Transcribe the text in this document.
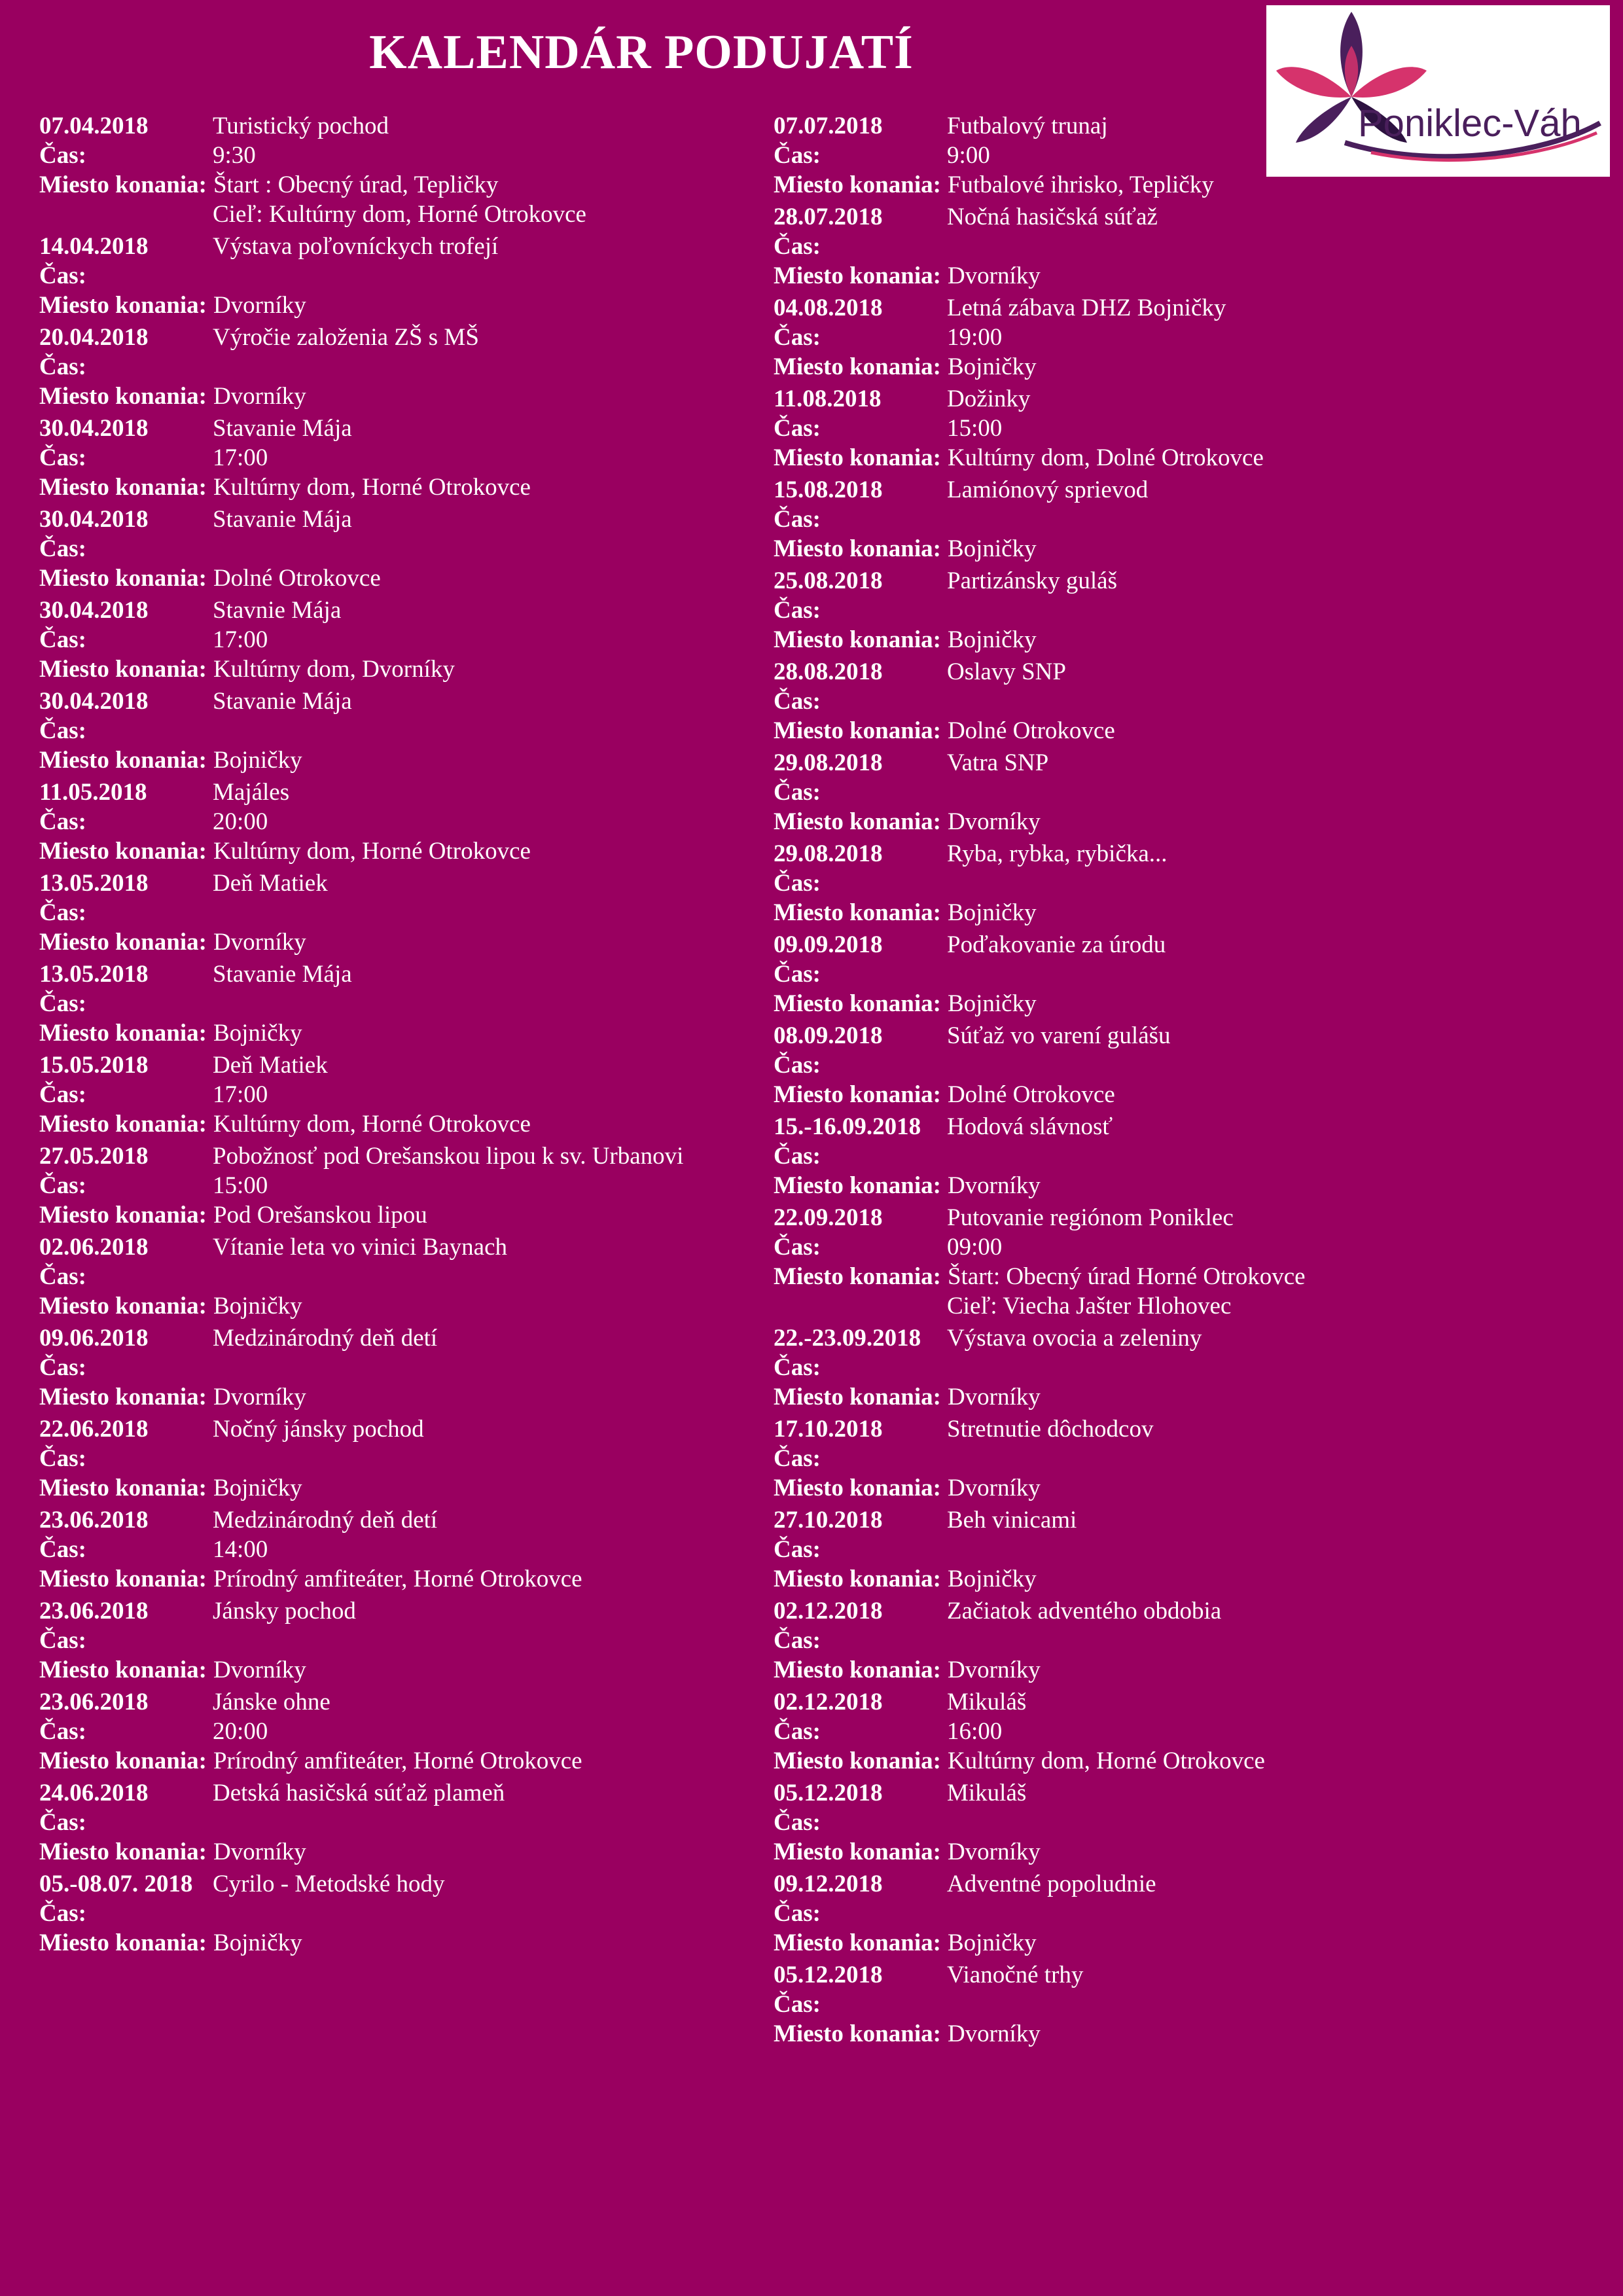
KALENDÁR PODUJATÍ
Poniklec-Váh
07.04.2018	Turistický pochod
Čas:	9:30
Miesto konania: Štart : Obecný úrad, Tepličky
Cieľ: Kultúrny dom, Horné Otrokovce
14.04.2018	Výstava poľovníckych trofejí
Čas:
Miesto konania: Dvorníky
20.04.2018	Výročie založenia ZŠ s MŠ
Čas:
Miesto konania: Dvorníky
30.04.2018	Stavanie Mája
Čas:	17:00
Miesto konania: Kultúrny dom, Horné Otrokovce
30.04.2018	Stavanie Mája
Čas:
Miesto konania: Dolné Otrokovce
30.04.2018	Stavnie Mája
Čas:	17:00
Miesto konania: Kultúrny dom, Dvorníky
30.04.2018	Stavanie Mája
Čas:
Miesto konania: Bojničky
11.05.2018	Majáles
Čas:	20:00
Miesto konania: Kultúrny dom, Horné Otrokovce
13.05.2018	Deň Matiek
Čas:
Miesto konania: Dvorníky
13.05.2018	Stavanie Mája
Čas:
Miesto konania: Bojničky
15.05.2018	Deň Matiek
Čas:	17:00
Miesto konania: Kultúrny dom, Horné Otrokovce
27.05.2018	Pobožnosť pod Orešanskou lipou k sv. Urbanovi
Čas:	15:00
Miesto konania: Pod Orešanskou lipou
02.06.2018	Vítanie leta vo vinici Baynach
Čas:
Miesto konania: Bojničky
09.06.2018	Medzinárodný deň detí
Čas:
Miesto konania: Dvorníky
22.06.2018	Nočný jánsky pochod
Čas:
Miesto konania: Bojničky
23.06.2018	Medzinárodný deň detí
Čas:	14:00
Miesto konania: Prírodný amfiteáter, Horné Otrokovce
23.06.2018	Jánsky pochod
Čas:
Miesto konania: Dvorníky
23.06.2018	Jánske ohne
Čas:	20:00
Miesto konania: Prírodný amfiteáter, Horné Otrokovce
24.06.2018	Detská hasičská súťaž plameň
Čas:
Miesto konania: Dvorníky
05.-08.07. 2018 Cyrilo - Metodské hody
Čas:
Miesto konania: Bojničky
07.07.2018	Futbalový trunaj
Čas:	9:00
Miesto konania: Futbalové ihrisko, Tepličky
28.07.2018	Nočná hasičská súťaž
Čas:
Miesto konania: Dvorníky
04.08.2018	Letná zábava DHZ Bojničky
Čas:	19:00
Miesto konania: Bojničky
11.08.2018	Dožinky
Čas:	15:00
Miesto konania: Kultúrny dom, Dolné Otrokovce
15.08.2018	Lamiónový sprievod
Čas:
Miesto konania: Bojničky
25.08.2018	Partizánsky guláš
Čas:
Miesto konania: Bojničky
28.08.2018	Oslavy SNP
Čas:
Miesto konania: Dolné Otrokovce
29.08.2018	Vatra SNP
Čas:
Miesto konania: Dvorníky
29.08.2018	Ryba, rybka, rybička...
Čas:
Miesto konania: Bojničky
09.09.2018	Poďakovanie za úrodu
Čas:
Miesto konania: Bojničky
08.09.2018	Súťaž vo varení gulášu
Čas:
Miesto konania: Dolné Otrokovce
15.-16.09.2018	Hodová slávnosť
Čas:
Miesto konania: Dvorníky
22.09.2018	Putovanie regiónom Poniklec
Čas:	09:00
Miesto konania: Štart: Obecný úrad Horné Otrokovce
Cieľ: Viecha Jašter Hlohovec
22.-23.09.2018	Výstava ovocia a zeleniny
Čas:
Miesto konania: Dvorníky
17.10.2018	Stretnutie dôchodcov
Čas:
Miesto konania: Dvorníky
27.10.2018	Beh vinicami
Čas:
Miesto konania: Bojničky
02.12.2018	Začiatok adventého obdobia
Čas:
Miesto konania: Dvorníky
02.12.2018	Mikuláš
Čas:	16:00
Miesto konania: Kultúrny dom, Horné Otrokovce
05.12.2018	Mikuláš
Čas:
Miesto konania: Dvorníky
09.12.2018	Adventné popoludnie
Čas:
Miesto konania: Bojničky
05.12.2018	Vianočné trhy
Čas:
Miesto konania: Dvorníky
